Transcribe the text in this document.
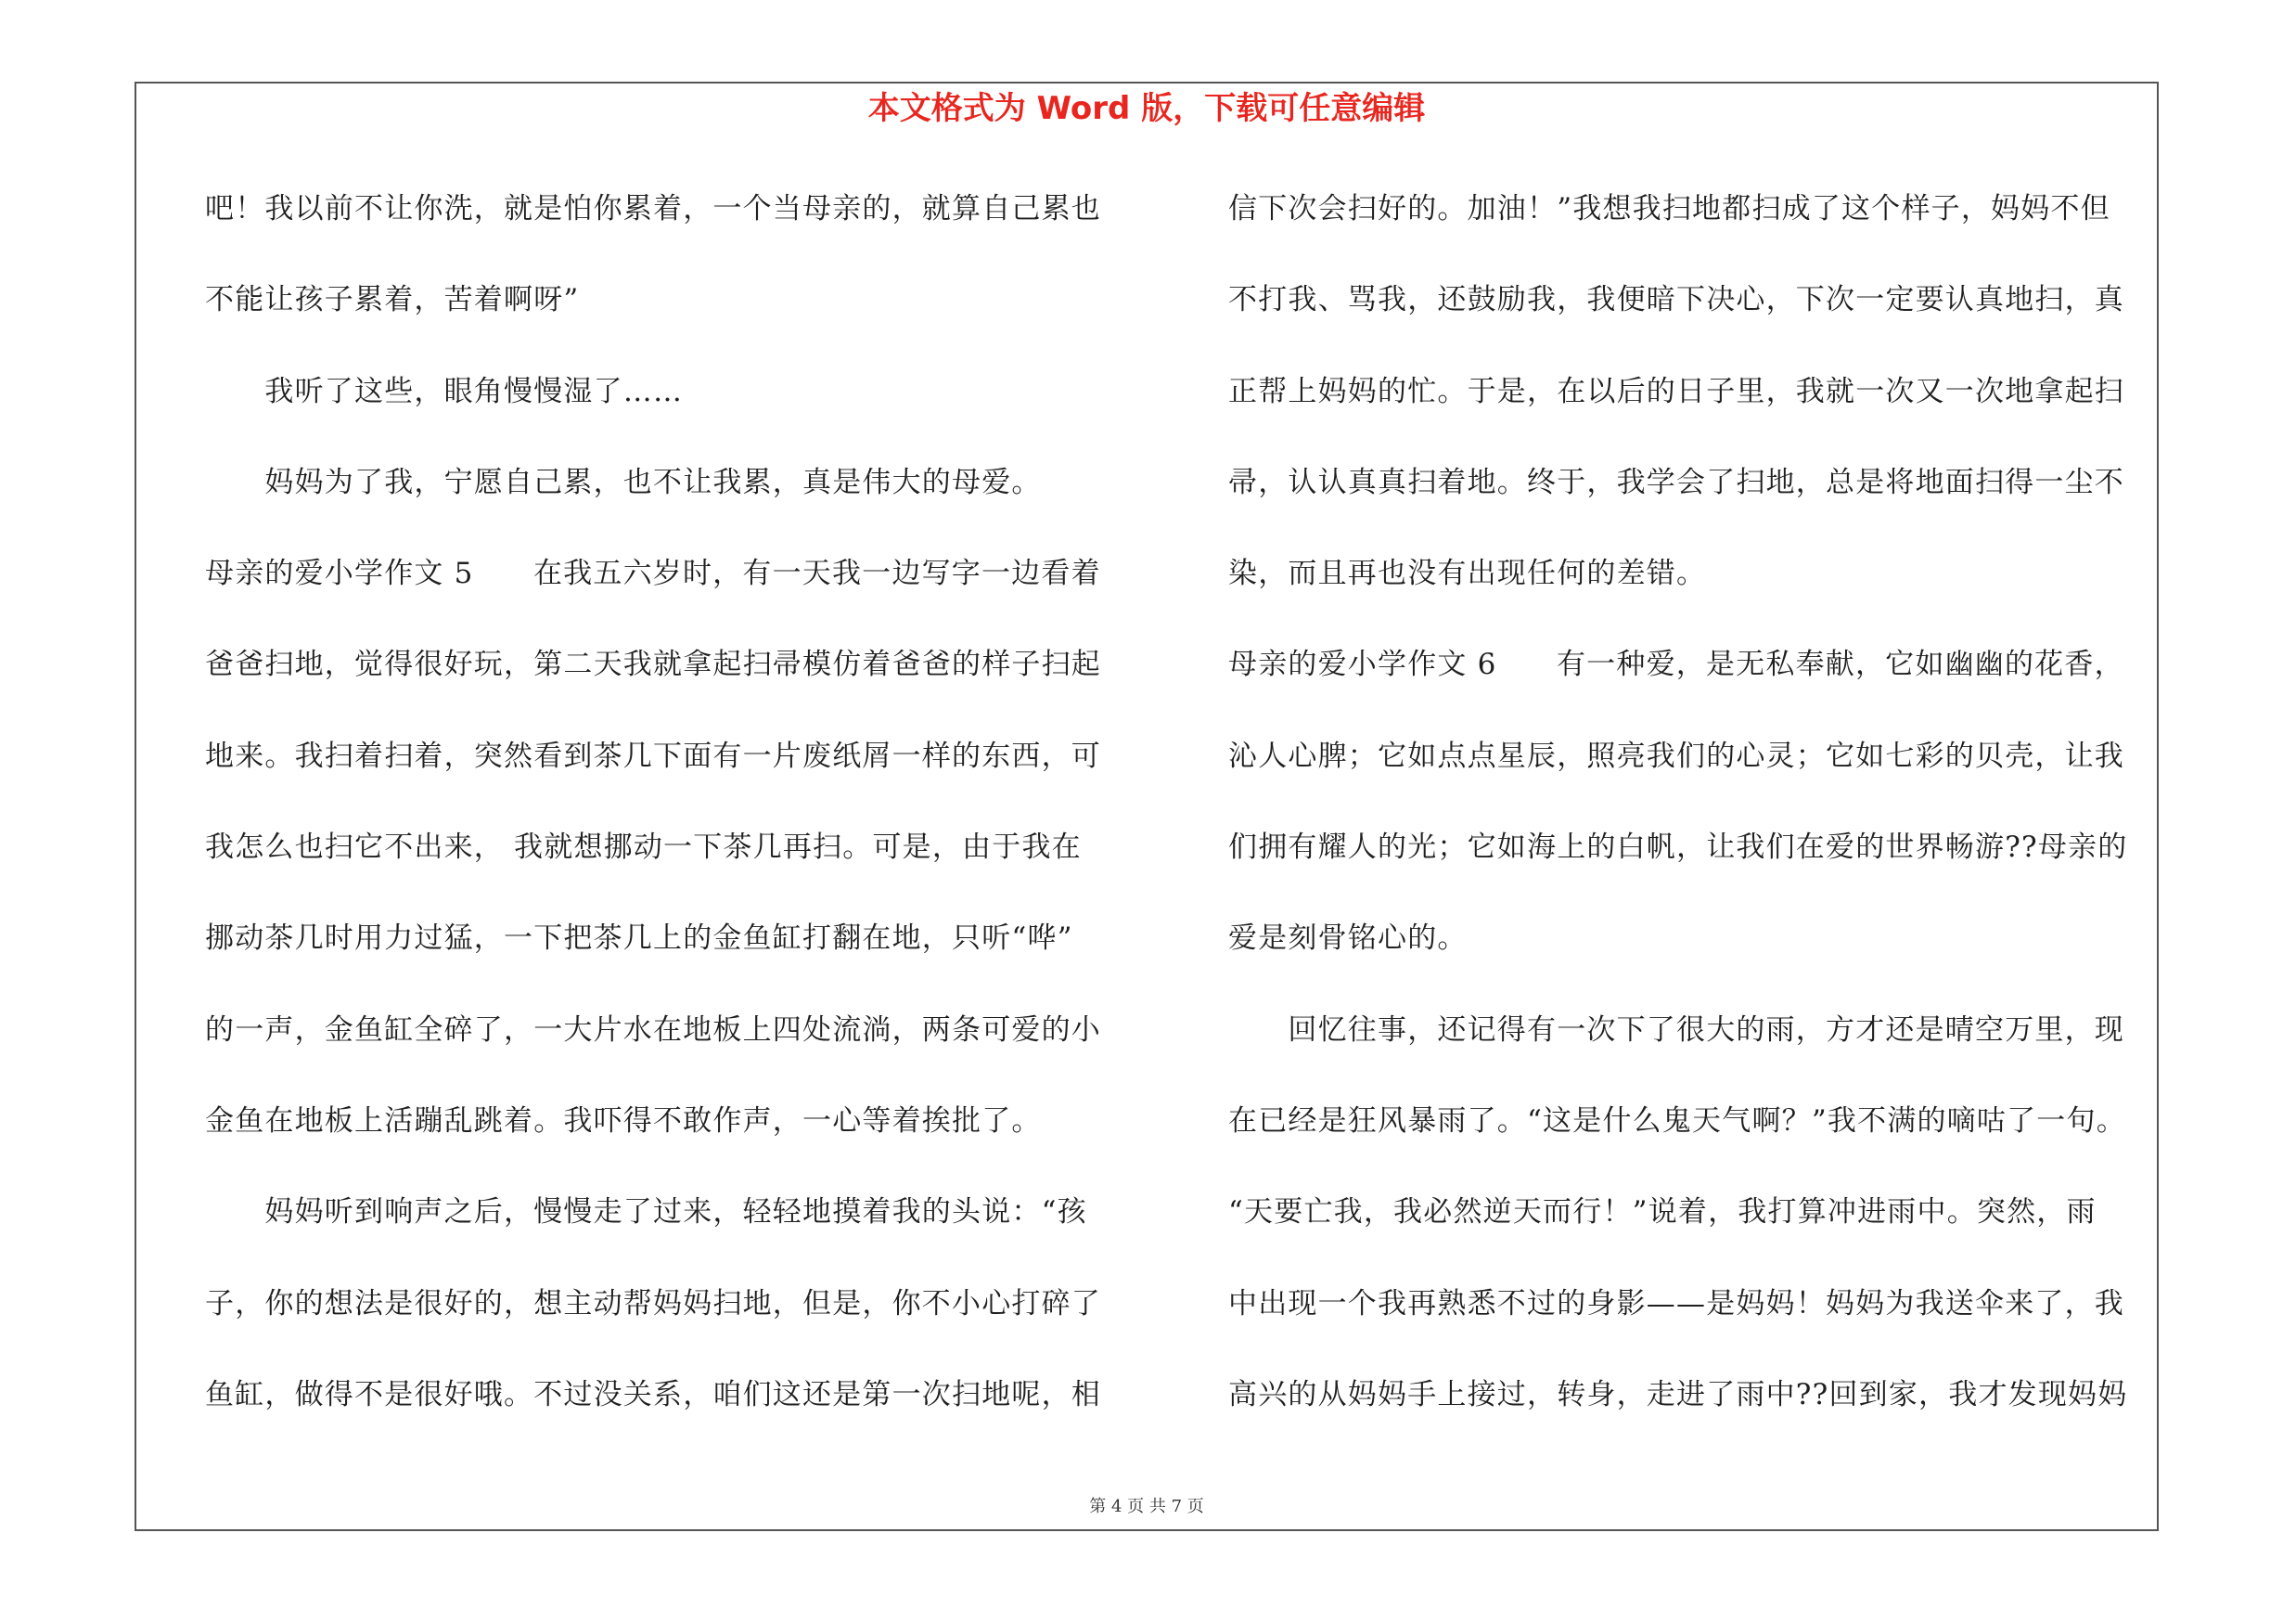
本文格式为 Word 版，下载可任意编辑
吧！我以前不让你洗，就是怕你累着，一个当母亲的，就算自己累也
不能让孩子累着，苦着啊呀”
　　我听了这些，眼角慢慢湿了……
　　妈妈为了我，宁愿自己累，也不让我累，真是伟大的母爱。
母亲的爱小学作文 5　　在我五六岁时，有一天我一边写字一边看着
爸爸扫地，觉得很好玩，第二天我就拿起扫帚模仿着爸爸的样子扫起
地来。我扫着扫着，突然看到茶几下面有一片废纸屑一样的东西，可
我怎么也扫它不出来， 我就想挪动一下茶几再扫。可是，由于我在
挪动茶几时用力过猛，一下把茶几上的金鱼缸打翻在地，只听“哗”
的一声，金鱼缸全碎了，一大片水在地板上四处流淌，两条可爱的小
金鱼在地板上活蹦乱跳着。我吓得不敢作声，一心等着挨批了。
　　妈妈听到响声之后，慢慢走了过来，轻轻地摸着我的头说：“孩
子，你的想法是很好的，想主动帮妈妈扫地，但是，你不小心打碎了
鱼缸，做得不是很好哦。不过没关系，咱们这还是第一次扫地呢，相
信下次会扫好的。加油！”我想我扫地都扫成了这个样子，妈妈不但
不打我、骂我，还鼓励我，我便暗下决心，下次一定要认真地扫，真
正帮上妈妈的忙。于是，在以后的日子里，我就一次又一次地拿起扫
帚，认认真真扫着地。终于，我学会了扫地，总是将地面扫得一尘不
染，而且再也没有出现任何的差错。
母亲的爱小学作文 6　　有一种爱，是无私奉献，它如幽幽的花香，
沁人心脾；它如点点星辰，照亮我们的心灵；它如七彩的贝壳，让我
们拥有耀人的光；它如海上的白帆，让我们在爱的世界畅游??母亲的
爱是刻骨铭心的。
　　回忆往事，还记得有一次下了很大的雨，方才还是晴空万里，现
在已经是狂风暴雨了。“这是什么鬼天气啊？”我不满的嘀咕了一句。
“天要亡我，我必然逆天而行！”说着，我打算冲进雨中。突然，雨
中出现一个我再熟悉不过的身影——是妈妈！妈妈为我送伞来了，我
高兴的从妈妈手上接过，转身，走进了雨中??回到家，我才发现妈妈
第 4 页 共 7 页
